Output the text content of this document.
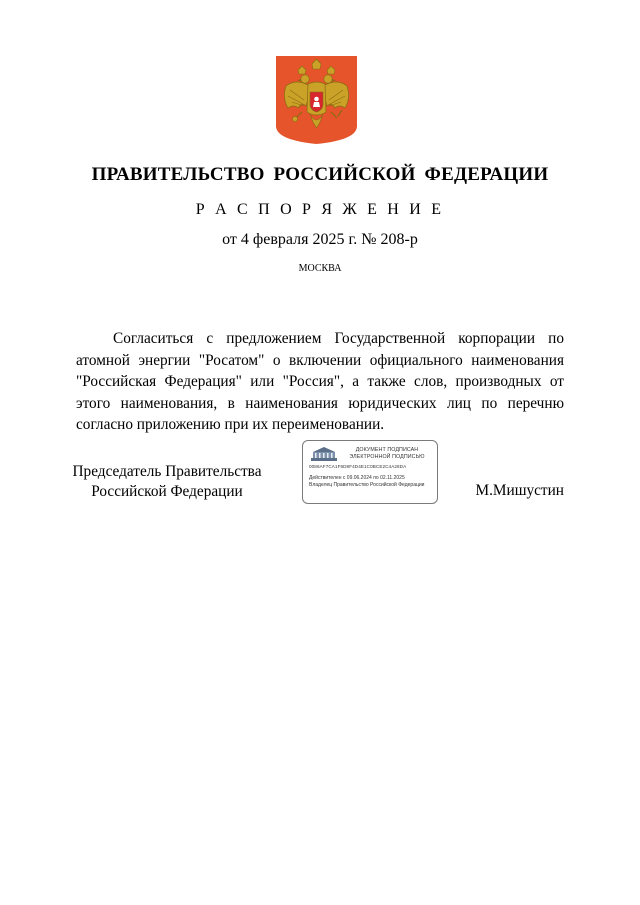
ПРАВИТЕЛЬСТВО РОССИЙСКОЙ ФЕДЕРАЦИИ
Р А С П О Р Я Ж Е Н И Е
от 4 февраля 2025 г. № 208-р
МОСКВА
Согласиться с предложением Государственной корпорации по атомной энергии "Росатом" о включении официального наименования "Российская Федерация" или "Россия", а также слов, производных от этого наименования, в наименования юридических лиц по перечню согласно приложению при их переименовании.
Председатель Правительства
Российской Федерации
ДОКУМЕНТ ПОДПИСАН
ЭЛЕКТРОННОЙ ПОДПИСЬЮ
0086AF7CA1F6D8F4D4E1C0BCE2C4A28DA
Действителен с 09.06.2024 по 02.11.2025
Владелец Правительство Российской Федерации	М.Мишустин
